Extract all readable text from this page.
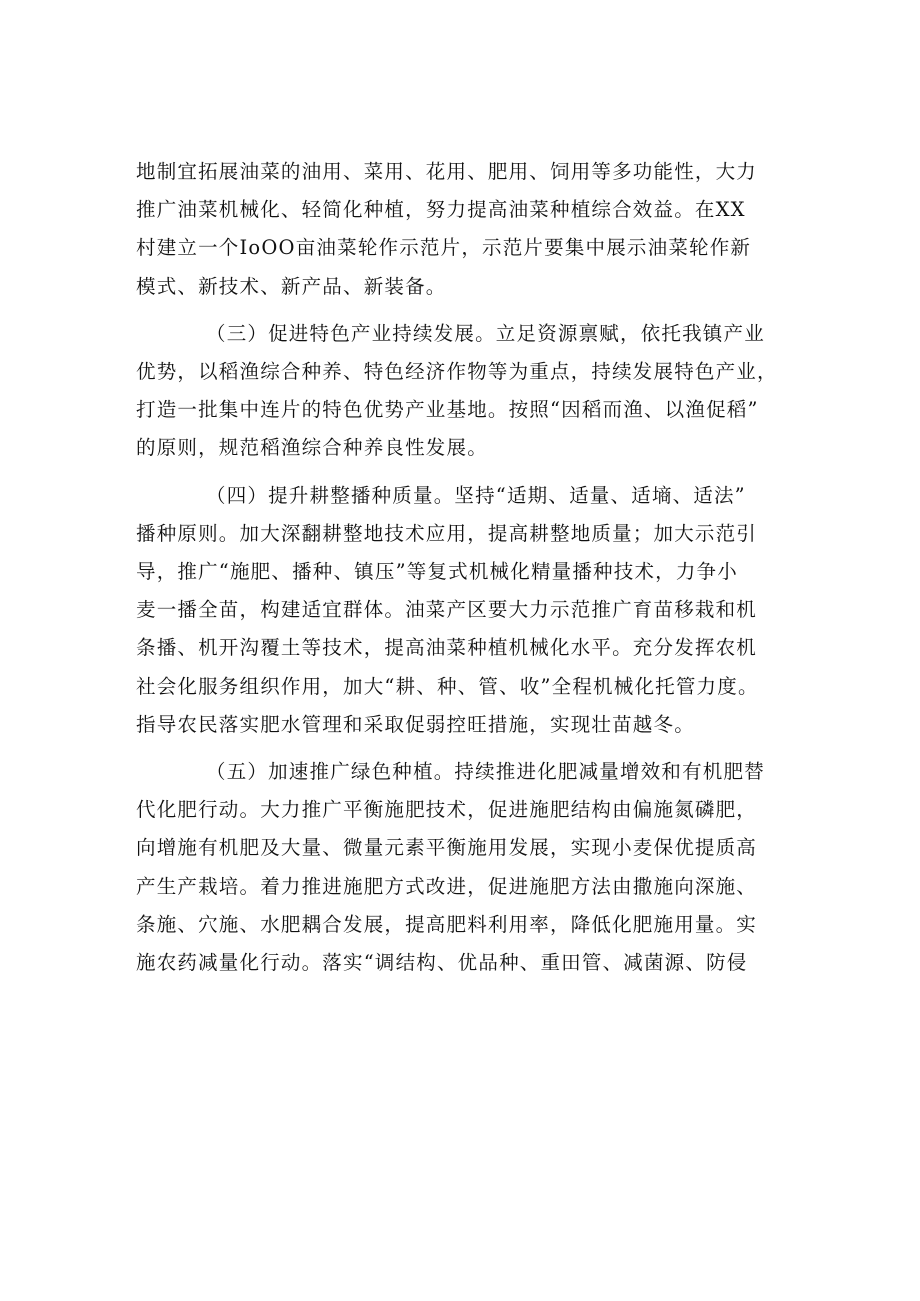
地制宜拓展油菜的油用、菜用、花用、肥用、饲用等多功能性，大力
推广油菜机械化、轻简化种植，努力提高油菜种植综合效益。在XX
村建立一个IoOO亩油菜轮作示范片，示范片要集中展示油菜轮作新
模式、新技术、新产品、新装备。

（三）促进特色产业持续发展。立足资源禀赋，依托我镇产业
优势，以稻渔综合种养、特色经济作物等为重点，持续发展特色产业，
打造一批集中连片的特色优势产业基地。按照“因稻而渔、以渔促稻”
的原则，规范稻渔综合种养良性发展。

（四）提升耕整播种质量。坚持“适期、适量、适墒、适法”
播种原则。加大深翻耕整地技术应用，提高耕整地质量；加大示范引
导，推广“施肥、播种、镇压”等复式机械化精量播种技术，力争小
麦一播全苗，构建适宜群体。油菜产区要大力示范推广育苗移栽和机
条播、机开沟覆土等技术，提高油菜种植机械化水平。充分发挥农机
社会化服务组织作用，加大“耕、种、管、收”全程机械化托管力度。
指导农民落实肥水管理和采取促弱控旺措施，实现壮苗越冬。

（五）加速推广绿色种植。持续推进化肥减量增效和有机肥替
代化肥行动。大力推广平衡施肥技术，促进施肥结构由偏施氮磷肥，
向增施有机肥及大量、微量元素平衡施用发展，实现小麦保优提质高
产生产栽培。着力推进施肥方式改进，促进施肥方法由撒施向深施、
条施、穴施、水肥耦合发展，提高肥料利用率，降低化肥施用量。实
施农药减量化行动。落实“调结构、优品种、重田管、减菌源、防侵
